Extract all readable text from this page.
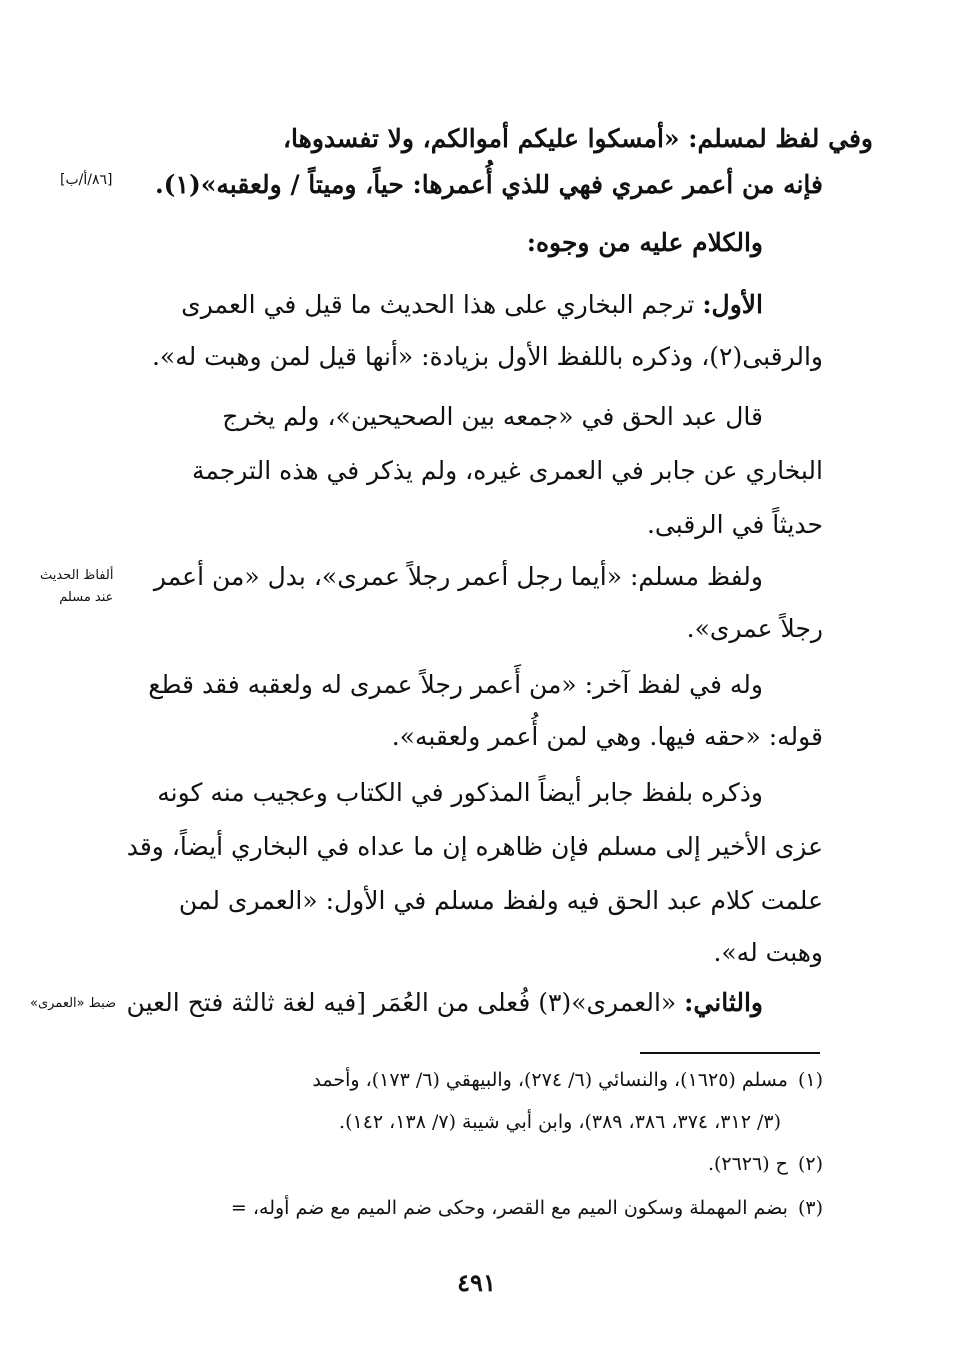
وفي لفظ لمسلم: «أمسكوا عليكم أموالكم، ولا تفسدوها،
فإنه من أعمر عمري فهي للذي أُعمرها: حياً، وميتاً / ولعقبه»(١).
[٨٦/أ/ب]
والكلام عليه من وجوه:
الأول: ترجم البخاري على هذا الحديث ما قيل في العمرى
والرقبى(٢)، وذكره باللفظ الأول بزيادة: «أنها قيل لمن وهبت له».
قال عبد الحق في «جمعه بين الصحيحين»، ولم يخرج
البخاري عن جابر في العمرى غيره، ولم يذكر في هذه الترجمة
حديثاً في الرقبى.
ولفظ مسلم: «أيما رجل أعمر رجلاً عمرى»، بدل «من أعمر
رجلاً عمرى».
ألفاظ الحديث
عند مسلم
وله في لفظ آخر: «من أَعمر رجلاً عمرى له ولعقبه فقد قطع
قوله: «حقه فيها. وهي لمن أُعمر ولعقبه».
وذكره بلفظ جابر أيضاً المذكور في الكتاب وعجيب منه كونه
عزى الأخير إلى مسلم فإن ظاهره إن ما عداه في البخاري أيضاً، وقد
علمت كلام عبد الحق فيه ولفظ مسلم في الأول: «العمرى لمن
وهبت له».
والثاني: «العمرى»(٣) فُعلى من العُمَر [فيه لغة ثالثة فتح العين
ضبط «العمرى»
(١)مسلم (١٦٢٥)، والنسائي (٦/ ٢٧٤)، والبيهقي (٦/ ١٧٣)، وأحمد
(٣/ ٣١٢، ٣٧٤، ٣٨٦، ٣٨٩)، وابن أبي شيبة (٧/ ١٣٨، ١٤٢).
(٢)ح (٢٦٢٦).
(٣)بضم المهملة وسكون الميم مع القصر، وحكى ضم الميم مع ضم أوله، =
٤٩١
